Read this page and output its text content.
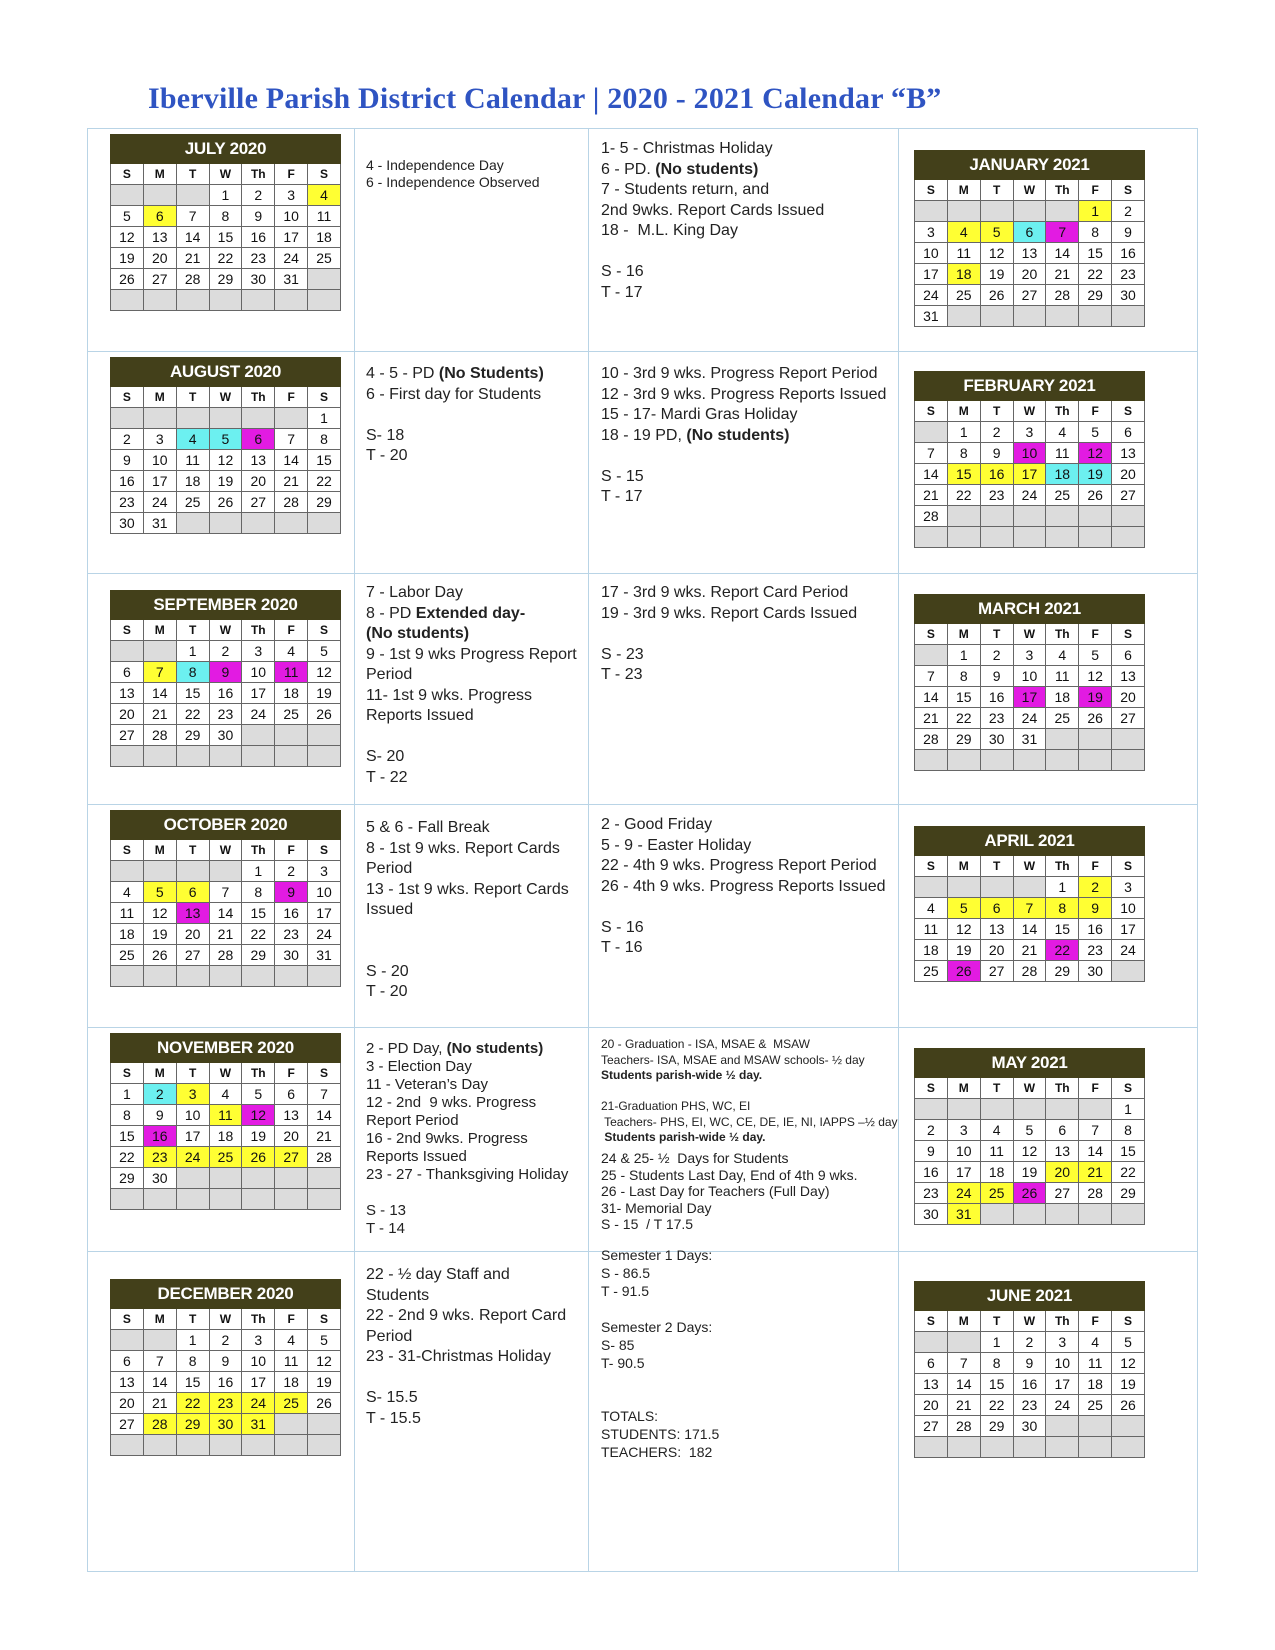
Iberville Parish District Calendar | 2020 - 2021 Calendar “B”
JULY 2020						
S	M	T	W	Th	F	S
			1	2	3	4
5	6	7	8	9	10	11
12	13	14	15	16	17	18
19	20	21	22	23	24	25
26	27	28	29	30	31	

AUGUST 2020						
S	M	T	W	Th	F	S
						1
2	3	4	5	6	7	8
9	10	11	12	13	14	15
16	17	18	19	20	21	22
23	24	25	26	27	28	29
30	31					
SEPTEMBER 2020						
S	M	T	W	Th	F	S
		1	2	3	4	5
6	7	8	9	10	11	12
13	14	15	16	17	18	19
20	21	22	23	24	25	26
27	28	29	30			

OCTOBER 2020						
S	M	T	W	Th	F	S
				1	2	3
4	5	6	7	8	9	10
11	12	13	14	15	16	17
18	19	20	21	22	23	24
25	26	27	28	29	30	31

NOVEMBER 2020						
S	M	T	W	Th	F	S
1	2	3	4	5	6	7
8	9	10	11	12	13	14
15	16	17	18	19	20	21
22	23	24	25	26	27	28
29	30					

DECEMBER 2020						
S	M	T	W	Th	F	S
		1	2	3	4	5
6	7	8	9	10	11	12
13	14	15	16	17	18	19
20	21	22	23	24	25	26
27	28	29	30	31		

JANUARY 2021						
S	M	T	W	Th	F	S
					1	2
3	4	5	6	7	8	9
10	11	12	13	14	15	16
17	18	19	20	21	22	23
24	25	26	27	28	29	30
31						
FEBRUARY 2021						
S	M	T	W	Th	F	S
	1	2	3	4	5	6
7	8	9	10	11	12	13
14	15	16	17	18	19	20
21	22	23	24	25	26	27
28						

MARCH 2021						
S	M	T	W	Th	F	S
	1	2	3	4	5	6
7	8	9	10	11	12	13
14	15	16	17	18	19	20
21	22	23	24	25	26	27
28	29	30	31			

APRIL 2021						
S	M	T	W	Th	F	S
				1	2	3
4	5	6	7	8	9	10
11	12	13	14	15	16	17
18	19	20	21	22	23	24
25	26	27	28	29	30	
MAY 2021						
S	M	T	W	Th	F	S
						1
2	3	4	5	6	7	8
9	10	11	12	13	14	15
16	17	18	19	20	21	22
23	24	25	26	27	28	29
30	31					
JUNE 2021						
S	M	T	W	Th	F	S
		1	2	3	4	5
6	7	8	9	10	11	12
13	14	15	16	17	18	19
20	21	22	23	24	25	26
27	28	29	30			

4 - Independence Day
6 - Independence Observed
1- 5 - Christmas Holiday
6 - PD. (No students)
7 - Students return, and
2nd 9wks. Report Cards Issued
18 -  M.L. King Day

S - 16
T - 17
4 - 5 - PD (No Students)
6 - First day for Students

S- 18
T - 20
10 - 3rd 9 wks. Progress Report Period
12 - 3rd 9 wks. Progress Reports Issued
15 - 17- Mardi Gras Holiday
18 - 19 PD, (No students)

S - 15
T - 17
7 - Labor Day
8 - PD Extended day-
(No students)
9 - 1st 9 wks Progress Report
Period
11- 1st 9 wks. Progress
Reports Issued

S- 20
T - 22
17 - 3rd 9 wks. Report Card Period
19 - 3rd 9 wks. Report Cards Issued

S - 23
T - 23
5 & 6 - Fall Break
8 - 1st 9 wks. Report Cards
Period
13 - 1st 9 wks. Report Cards
Issued

S - 20
T - 20
2 - Good Friday
5 - 9 - Easter Holiday
22 - 4th 9 wks. Progress Report Period
26 - 4th 9 wks. Progress Reports Issued

S - 16
T - 16
2 - PD Day, (No students)
3 - Election Day
11 - Veteran’s Day
12 - 2nd  9 wks. Progress
Report Period
16 - 2nd 9wks. Progress
Reports Issued
23 - 27 - Thanksgiving Holiday

S - 13
T - 14
20 - Graduation - ISA, MSAE &  MSAW
Teachers- ISA, MSAE and MSAW schools- ½ day
Students parish-wide ½ day.

21-Graduation PHS, WC, EI
Teachers- PHS, EI, WC, CE, DE, IE, NI, IAPPS –½ day
Students parish-wide ½ day.
24 & 25- ½  Days for Students
25 - Students Last Day, End of 4th 9 wks.
26 - Last Day for Teachers (Full Day)
31- Memorial Day
S - 15  / T 17.5
22 - ½ day Staff and
Students
22 - 2nd 9 wks. Report Card
Period
23 - 31-Christmas Holiday

S- 15.5
T - 15.5
Semester 1 Days:
S - 86.5
T - 91.5

Semester 2 Days:
S- 85
T- 90.5
TOTALS:
STUDENTS: 171.5
TEACHERS:  182
